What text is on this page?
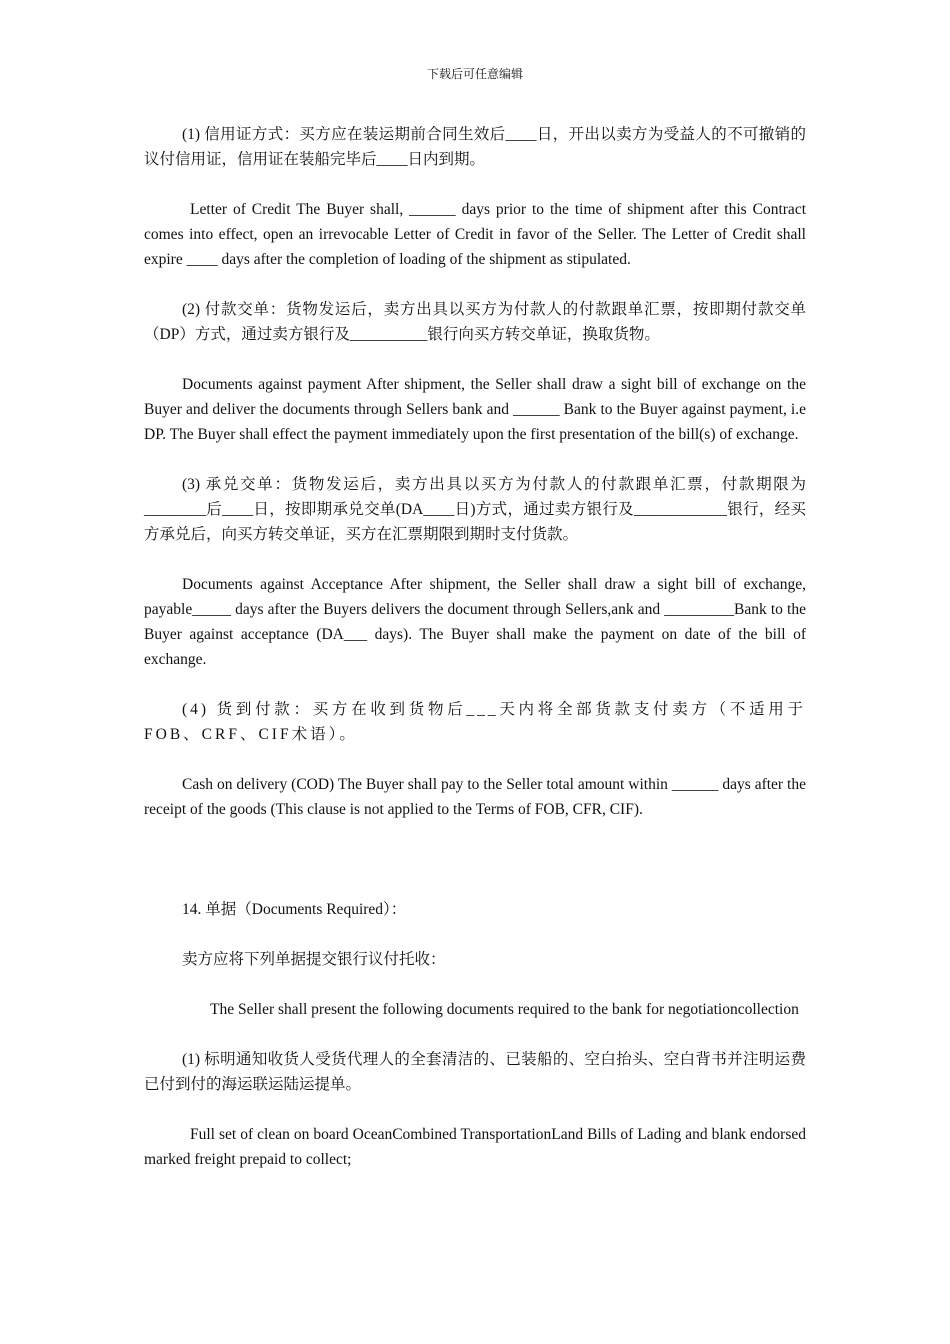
下载后可任意编辑

(1) 信用证方式：买方应在装运期前合同生效后____日，开出以卖方为受益人的不可撤销的议付信用证，信用证在装船完毕后____日内到期。

Letter of Credit The Buyer shall, ______ days prior to the time of shipment after this Contract comes into effect, open an irrevocable Letter of Credit in favor of the Seller. The Letter of Credit shall expire ____ days after the completion of loading of the shipment as stipulated.

(2) 付款交单：货物发运后，卖方出具以买方为付款人的付款跟单汇票，按即期付款交单（DP）方式，通过卖方银行及__________银行向买方转交单证，换取货物。

Documents against payment After shipment, the Seller shall draw a sight bill of exchange on the Buyer and deliver the documents through Sellers bank and ______ Bank to the Buyer against payment, i.e DP. The Buyer shall effect the payment immediately upon the first presentation of the bill(s) of exchange.

(3) 承兑交单：货物发运后，卖方出具以买方为付款人的付款跟单汇票，付款期限为________后____日，按即期承兑交单(DA____日)方式，通过卖方银行及____________银行，经买方承兑后，向买方转交单证，买方在汇票期限到期时支付货款。

Documents against Acceptance After shipment, the Seller shall draw a sight bill of exchange, payable_____ days after the Buyers delivers the document through Sellers,ank and _________Bank to the Buyer against acceptance (DA___ days). The Buyer shall make the payment on date of the bill of exchange.

(4) 货到付款：买方在收到货物后___天内将全部货款支付卖方（不适用于FOB、CRF、CIF术语）。

Cash on delivery (COD) The Buyer shall pay to the Seller total amount within ______ days after the receipt of the goods (This clause is not applied to the Terms of FOB, CFR, CIF).

14. 单据（Documents Required）：

卖方应将下列单据提交银行议付托收：

The Seller shall present the following documents required to the bank for negotiationcollection

(1) 标明通知收货人受货代理人的全套清洁的、已装船的、空白抬头、空白背书并注明运费已付到付的海运联运陆运提单。

Full set of clean on board OceanCombined TransportationLand Bills of Lading and blank endorsed marked freight prepaid to collect;
